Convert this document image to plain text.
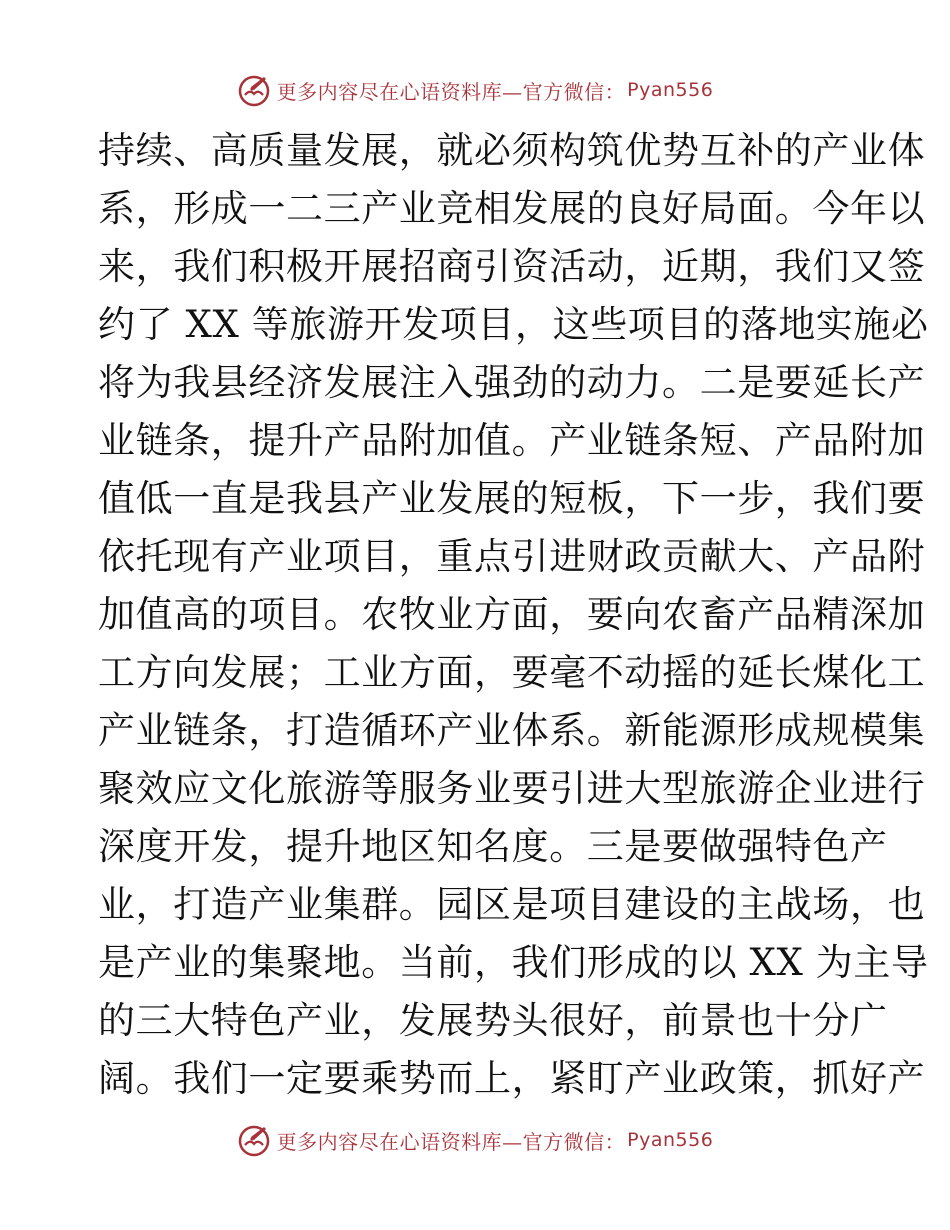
更多内容尽在心语资料库—官方微信： Pyan556
持续、高质量发展，就必须构筑优势互补的产业体
系，形成一二三产业竞相发展的良好局面。今年以
来，我们积极开展招商引资活动，近期，我们又签
约了 XX 等旅游开发项目，这些项目的落地实施必
将为我县经济发展注入强劲的动力。二是要延长产
业链条，提升产品附加值。产业链条短、产品附加
值低一直是我县产业发展的短板，下一步，我们要
依托现有产业项目，重点引进财政贡献大、产品附
加值高的项目。农牧业方面，要向农畜产品精深加
工方向发展；工业方面，要毫不动摇的延长煤化工
产业链条，打造循环产业体系。新能源形成规模集
聚效应文化旅游等服务业要引进大型旅游企业进行
深度开发，提升地区知名度。三是要做强特色产
业，打造产业集群。园区是项目建设的主战场，也
是产业的集聚地。当前，我们形成的以 XX 为主导
的三大特色产业，发展势头很好，前景也十分广
阔。我们一定要乘势而上，紧盯产业政策，抓好产
更多内容尽在心语资料库—官方微信： Pyan556
